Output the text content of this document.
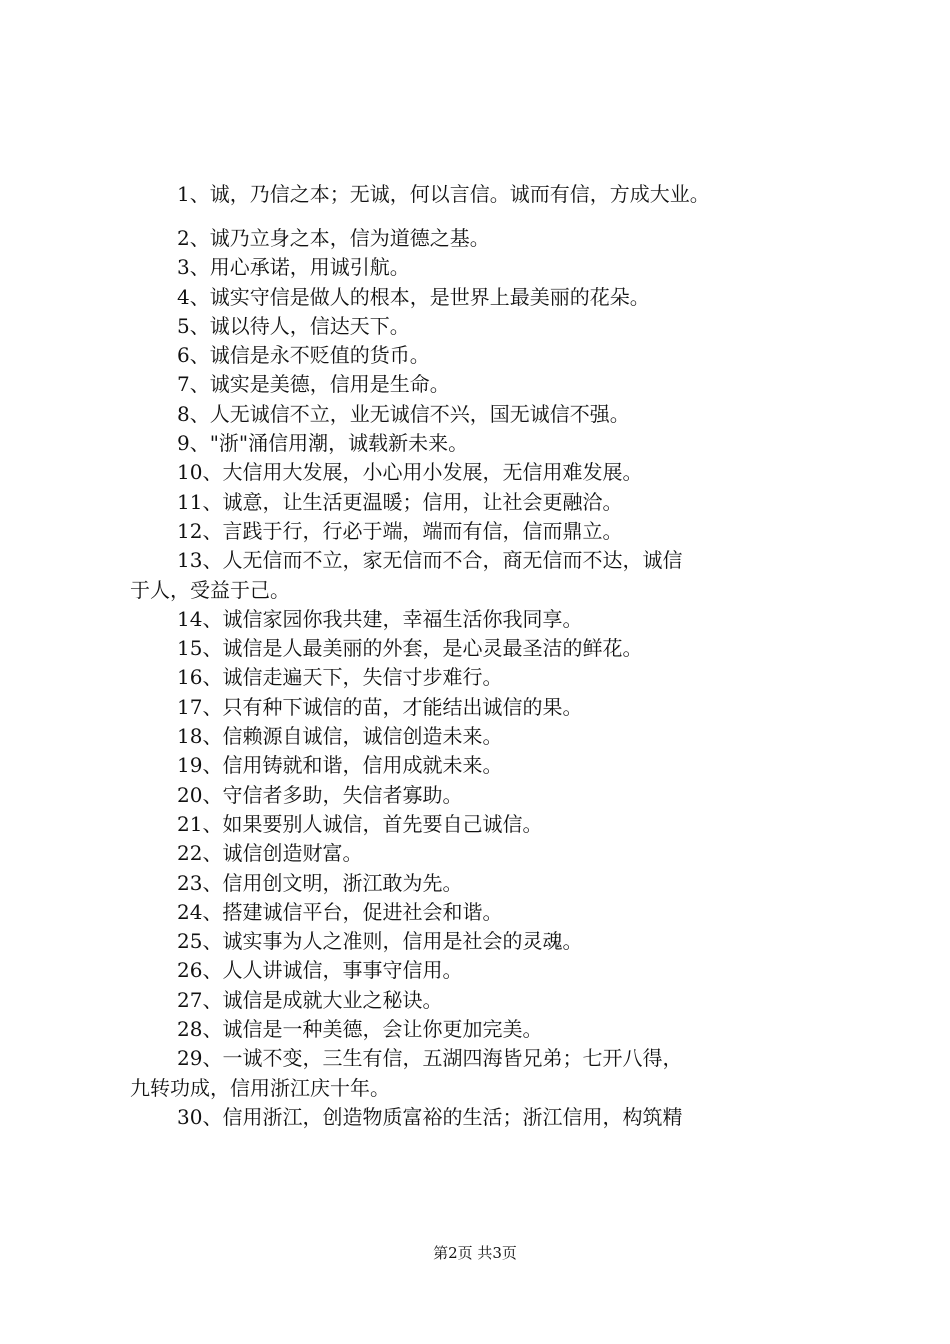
1、诚，乃信之本；无诚，何以言信。诚而有信，方成大业。

2、诚乃立身之本，信为道德之基。

3、用心承诺，用诚引航。

4、诚实守信是做人的根本，是世界上最美丽的花朵。

5、诚以待人，信达天下。

6、诚信是永不贬值的货币。

7、诚实是美德，信用是生命。

8、人无诚信不立，业无诚信不兴，国无诚信不强。

9、"浙"涌信用潮，诚载新未来。

10、大信用大发展，小心用小发展，无信用难发展。

11、诚意，让生活更温暖；信用，让社会更融洽。

12、言践于行，行必于端，端而有信，信而鼎立。

13、人无信而不立，家无信而不合，商无信而不达，诚信

于人，受益于己。

14、诚信家园你我共建，幸福生活你我同享。

15、诚信是人最美丽的外套，是心灵最圣洁的鲜花。

16、诚信走遍天下，失信寸步难行。

17、只有种下诚信的苗，才能结出诚信的果。

18、信赖源自诚信，诚信创造未来。

19、信用铸就和谐，信用成就未来。

20、守信者多助，失信者寡助。

21、如果要别人诚信，首先要自己诚信。

22、诚信创造财富。

23、信用创文明，浙江敢为先。

24、搭建诚信平台，促进社会和谐。

25、诚实事为人之准则，信用是社会的灵魂。

26、人人讲诚信，事事守信用。

27、诚信是成就大业之秘诀。

28、诚信是一种美德，会让你更加完美。

29、一诚不变，三生有信，五湖四海皆兄弟；七开八得，

九转功成，信用浙江庆十年。

30、信用浙江，创造物质富裕的生活；浙江信用，构筑精

第2页 共3页
